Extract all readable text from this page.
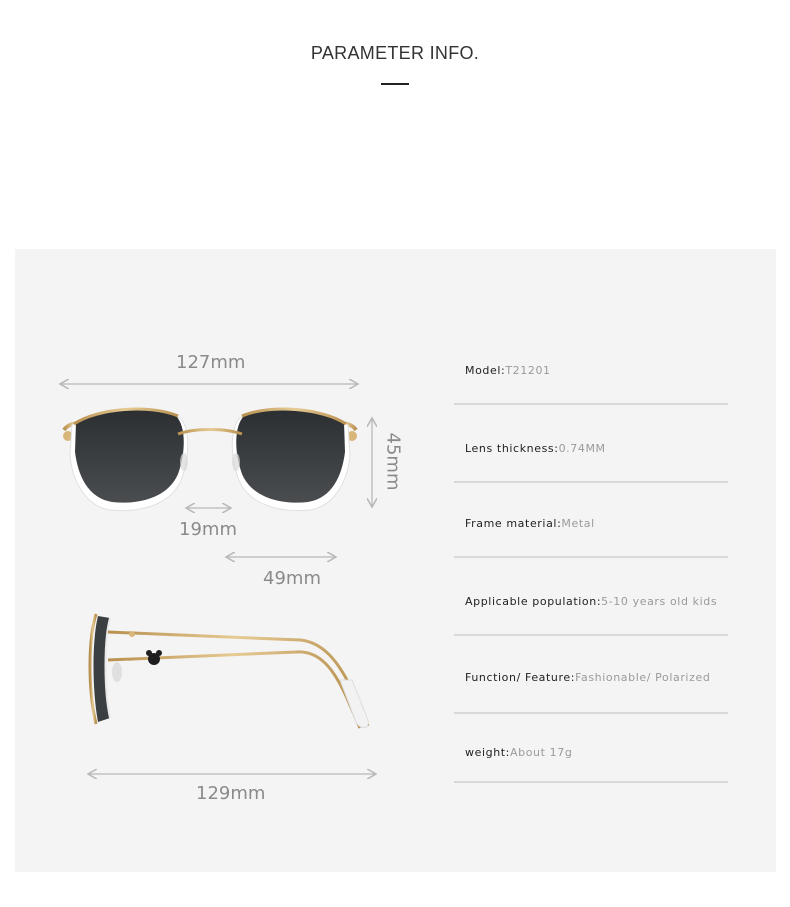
PARAMETER INFO.
127mm
45mm
19mm
49mm
129mm
Model:T21201
Lens thickness:0.74MM
Frame material:Metal
Applicable population:5-10 years old kids
Function/ Feature:Fashionable/ Polarized
weight:About 17g
